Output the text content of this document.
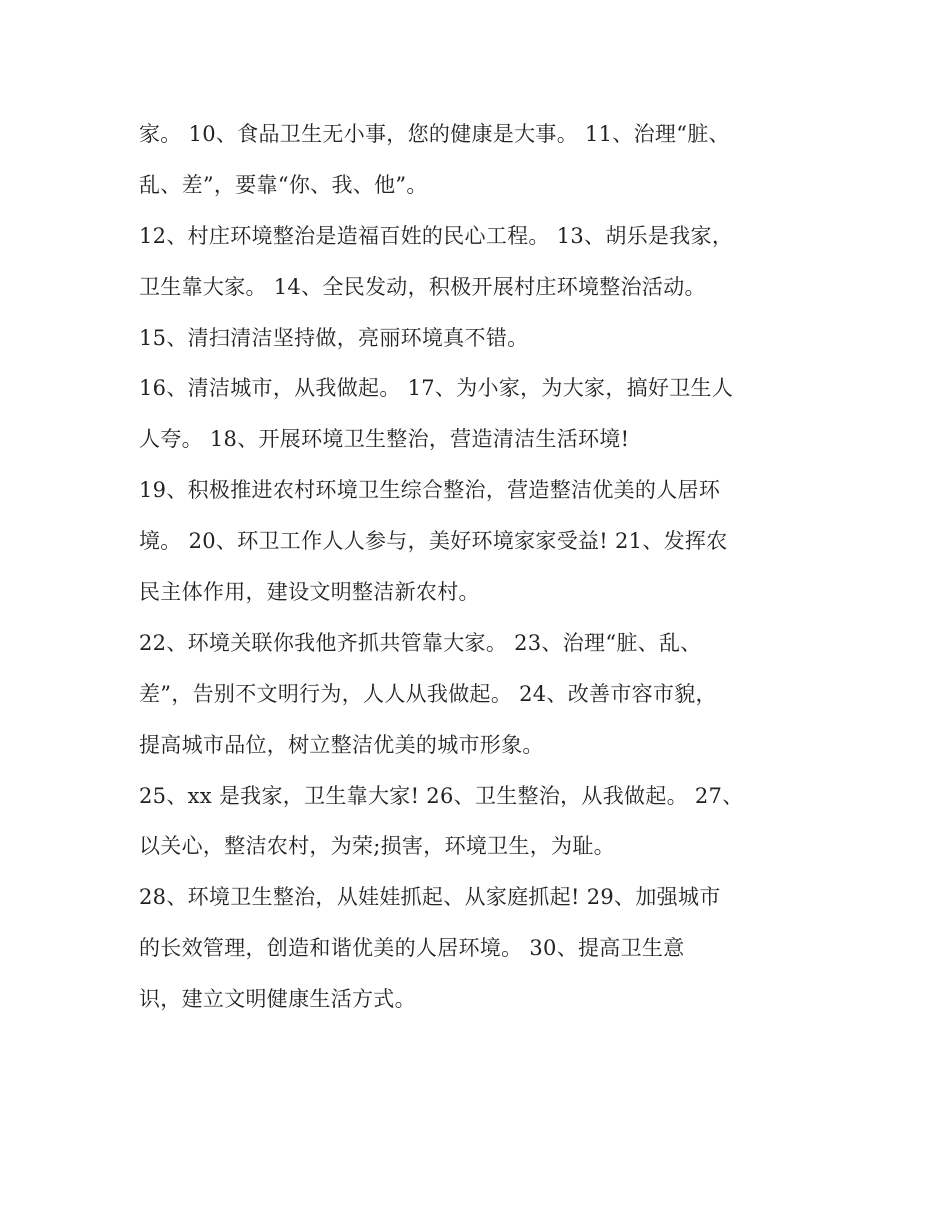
家。 10、食品卫生无小事，您的健康是大事。 11、治理“脏、
乱、差”，要靠“你、我、他”。
12、村庄环境整治是造福百姓的民心工程。 13、胡乐是我家，
卫生靠大家。 14、全民发动，积极开展村庄环境整治活动。
15、清扫清洁坚持做，亮丽环境真不错。
16、清洁城市，从我做起。 17、为小家，为大家，搞好卫生人
人夸。 18、开展环境卫生整治，营造清洁生活环境!
19、积极推进农村环境卫生综合整治，营造整洁优美的人居环
境。 20、环卫工作人人参与，美好环境家家受益! 21、发挥农
民主体作用，建设文明整洁新农村。
22、环境关联你我他齐抓共管靠大家。 23、治理“脏、乱、
差”，告别不文明行为，人人从我做起。 24、改善市容市貌，
提高城市品位，树立整洁优美的城市形象。
25、xx 是我家，卫生靠大家! 26、卫生整治，从我做起。 27、
以关心，整洁农村，为荣;损害，环境卫生，为耻。
28、环境卫生整治，从娃娃抓起、从家庭抓起! 29、加强城市
的长效管理，创造和谐优美的人居环境。 30、提高卫生意
识，建立文明健康生活方式。
